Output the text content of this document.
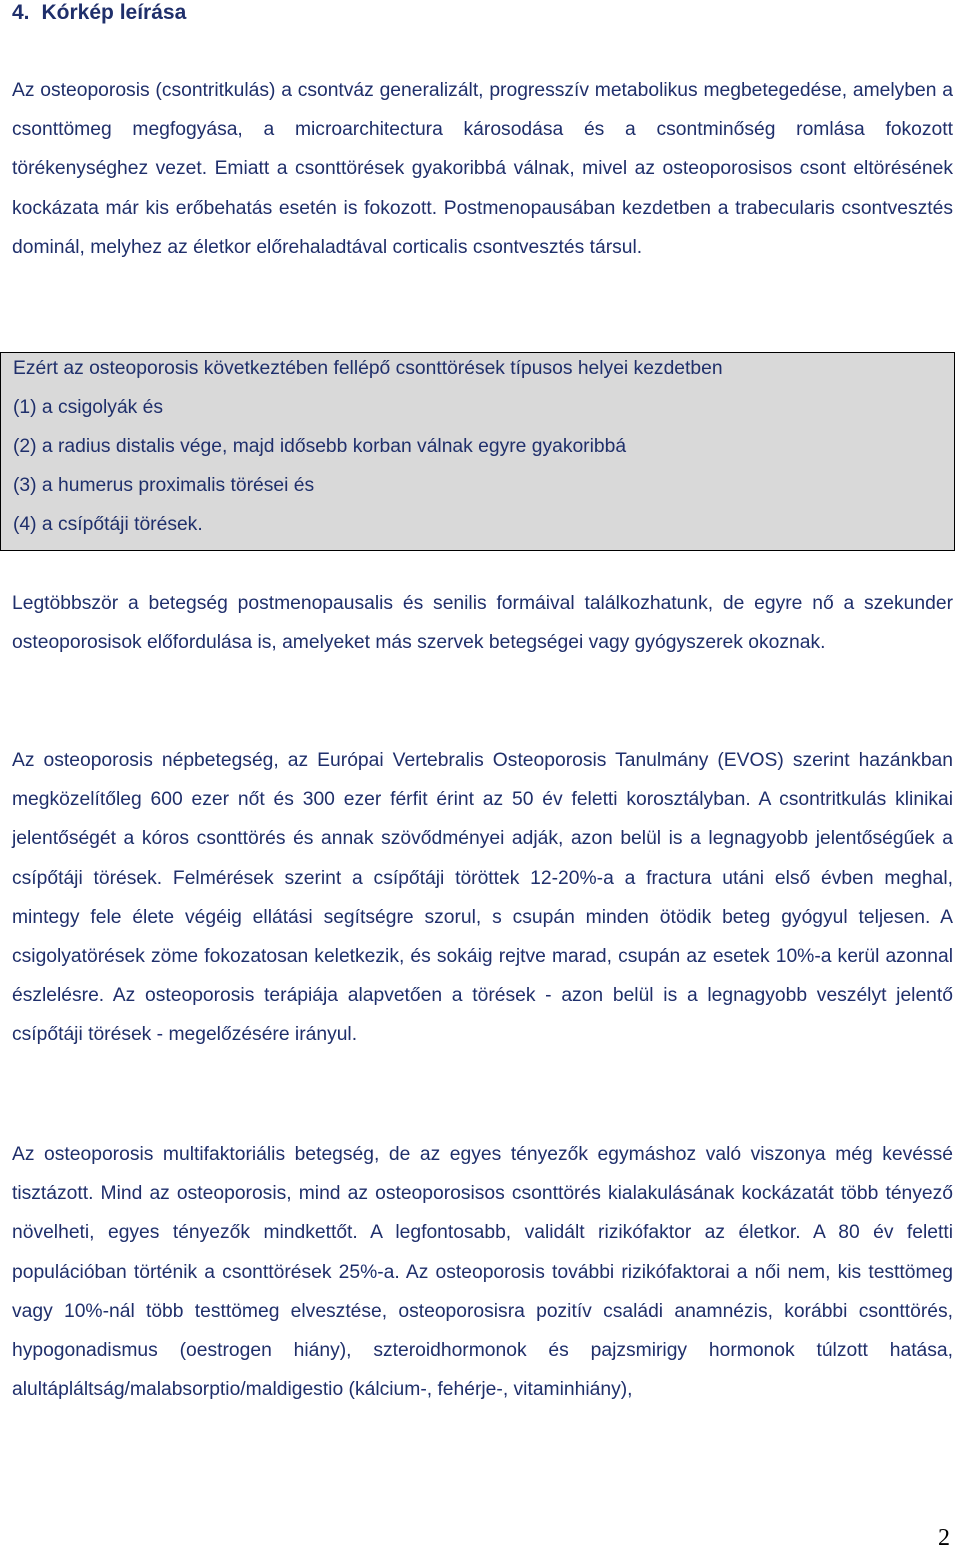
4. Kórkép leírása

Az osteoporosis (csontritkulás) a csontváz generalizált, progresszív metabolikus megbetegedése, amelyben a csonttömeg megfogyása, a microarchitectura károsodása és a csontminőség romlása fokozott törékenységhez vezet. Emiatt a csonttörések gyakoribbá válnak, mivel az osteoporosisos csont eltörésének kockázata már kis erőbehatás esetén is fokozott. Postmenopausában kezdetben a trabecularis csontvesztés dominál, melyhez az életkor előrehaladtával corticalis csontvesztés társul.

Ezért az osteoporosis következtében fellépő csonttörések típusos helyei kezdetben
(1) a csigolyák és
(2) a radius distalis vége, majd idősebb korban válnak egyre gyakoribbá
(3) a humerus proximalis törései és
(4) a csípőtáji törések.

Legtöbbször a betegség postmenopausalis és senilis formáival találkozhatunk, de egyre nő a szekunder osteoporosisok előfordulása is, amelyeket más szervek betegségei vagy gyógyszerek okoznak.

Az osteoporosis népbetegség, az Európai Vertebralis Osteoporosis Tanulmány (EVOS) szerint hazánkban megközelítőleg 600 ezer nőt és 300 ezer férfit érint az 50 év feletti korosztályban. A csontritkulás klinikai jelentőségét a kóros csonttörés és annak szövődményei adják, azon belül is a legnagyobb jelentőségűek a csípőtáji törések. Felmérések szerint a csípőtáji töröttek 12-20%-a a fractura utáni első évben meghal, mintegy fele élete végéig ellátási segítségre szorul, s csupán minden ötödik beteg gyógyul teljesen. A csigolyatörések zöme fokozatosan keletkezik, és sokáig rejtve marad, csupán az esetek 10%-a kerül azonnal észlelésre. Az osteoporosis terápiája alapvetően a törések - azon belül is a legnagyobb veszélyt jelentő csípőtáji törések - megelőzésére irányul.

Az osteoporosis multifaktoriális betegség, de az egyes tényezők egymáshoz való viszonya még kevéssé tisztázott. Mind az osteoporosis, mind az osteoporosisos csonttörés kialakulásának kockázatát több tényező növelheti, egyes tényezők mindkettőt. A legfontosabb, validált rizikófaktor az életkor. A 80 év feletti populációban történik a csonttörések 25%-a. Az osteoporosis további rizikófaktorai a női nem, kis testtömeg vagy 10%-nál több testtömeg elvesztése, osteoporosisra pozitív családi anamnézis, korábbi csonttörés, hypogonadismus (oestrogen hiány), szteroidhormonok és pajzsmirigy hormonok túlzott hatása, alultápláltság/malabsorptio/maldigestio (kálcium-, fehérje-, vitaminhiány),

2
